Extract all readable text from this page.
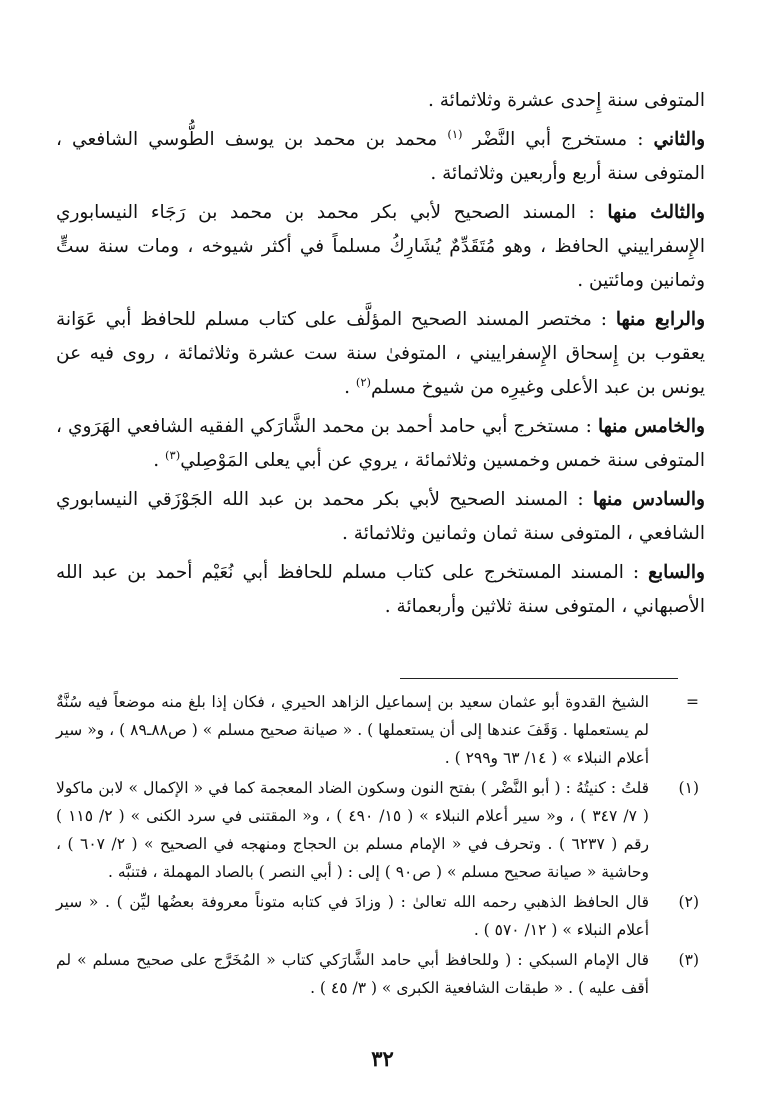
المتوفى سنة إِحدى عشرة وثلاثمائة .

والثاني : مستخرج أبي النَّضْر $^{(١)}$ محمد بن محمد بن يوسف الطُّوسي الشافعي ، المتوفى سنة أربع وأربعين وثلاثمائة .

والثالث منها : المسند الصحيح لأبي بكر محمد بن محمد بن رَجَاء النيسابوري الإِسفراييني الحافظ ، وهو مُتَقَدِّمٌ يُشَارِكُ مسلماً في أكثر شيوخه ، ومات سنة ستٍّ وثمانين ومائتين .

والرابع منها : مختصر المسند الصحيح المؤلَّف على كتاب مسلم للحافظ أبي عَوَانة يعقوب بن إِسحاق الإِسفراييني ، المتوفىٰ سنة ست عشرة وثلاثمائة ، روى فيه عن يونس بن عبد الأعلى وغيرِه من شيوخ مسلم$^{(٢)}$ .

والخامس منها : مستخرج أبي حامد أحمد بن محمد الشَّارَكي الفقيه الشافعي الهَرَوي ، المتوفى سنة خمس وخمسين وثلاثمائة ، يروي عن أبي يعلى المَوْصِلي$^{(٣)}$ .

والسادس منها : المسند الصحيح لأبي بكر محمد بن عبد الله الجَوْزَقي النيسابوري الشافعي ، المتوفى سنة ثمان وثمانين وثلاثمائة .

والسابع : المسند المستخرج على كتاب مسلم للحافظ أبي نُعَيْم أحمد بن عبد الله الأصبهاني ، المتوفى سنة ثلاثين وأربعمائة .

=
الشيخ القدوة أبو عثمان سعيد بن إسماعيل الزاهد الحيري ، فكان إذا بلغ منه موضعاً فيه سُنَّةٌ لم يستعملها . وَقَفَ عندها إلى أن يستعملها ) . « صيانة صحيح مسلم » ( ص٨٨ـ٨٩ ) ، و« سير أعلام النبلاء » ( ١٤/ ٦٣ و٢٩٩ ) .
(١)
قلتُ : كنيتُهُ : ( أبو النَّضْر ) بفتح النون وسكون الضاد المعجمة كما في « الإكمال » لابن ماكولا ( ٧/ ٣٤٧ ) ، و« سير أعلام النبلاء » ( ١٥/ ٤٩٠ ) ، و« المقتنى في سرد الكنى » ( ٢/ ١١٥ ) رقم ( ٦٢٣٧ ) . وتحرف في « الإمام مسلم بن الحجاج ومنهجه في الصحيح » ( ٢/ ٦٠٧ ) ، وحاشية « صيانة صحيح مسلم » ( ص٩٠ ) إلى : ( أبي النصر ) بالصاد المهملة ، فتنبَّه .
(٢)
قال الحافظ الذهبي رحمه الله تعالىٰ : ( وزادَ في كتابه متوناً معروفة بعضُها ليِّن ) . « سير أعلام النبلاء » ( ١٢/ ٥٧٠ ) .
(٣)
قال الإمام السبكي : ( وللحافظ أبي حامد الشَّارَكي كتاب « المُخَرَّج على صحيح مسلم » لم أقف عليه ) . « طبقات الشافعية الكبرى » ( ٣/ ٤٥ ) .
٣٢
